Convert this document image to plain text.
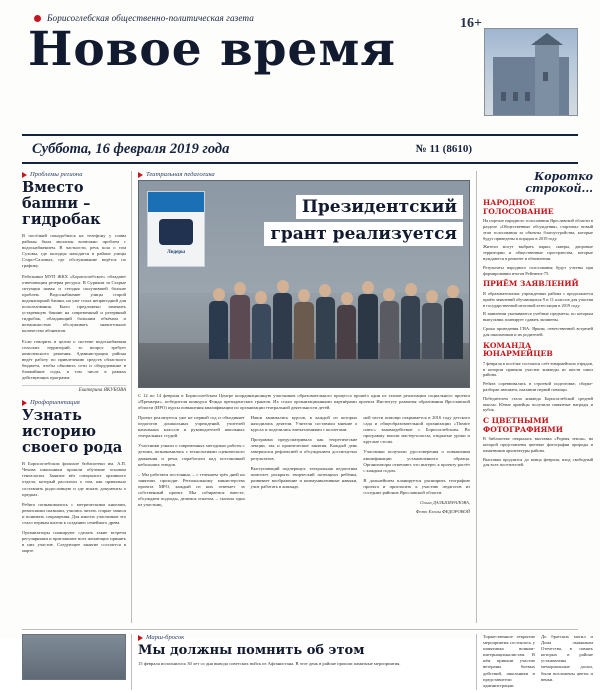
Борисоглебская общественно-политическая газета
Новое время	16+
Суббота, 16 февраля 2019 года	№ 11 (8610)
Проблемы региона
Вместо башни – гидробак

В посёлкий понадобился на телефону у главы районы была миллион возможно проблем с водоснабжением. В частности, речь шла о том Суховы, где колодцы находятся в районе улицы Старо-Саловых, где обслуживание ведётся по графику.

Работники МУП ЖКХ «Борисоглебское» обладают отвечающим резерва ресурса. В Суриком за Старые ситуация новая и сегодня получившей больше проблем. Водоснабжение улицы старой водонапорной башни, на уже стала непригодной для использования. Было предложено заменить устаревшую башню на современный и резервный гидробак, обладающий большим объёмом и возможностью обслуживать значительное количество абонентов.

Если говорить в целом о системе водоснабжения сельских территорий, то вопрос требует комплексного решения. Администрация района ведёт работу по привлечению средств областного бюджета, чтобы обновить сети и оборудование в ближайшие годы, в том числе в рамках действующих программ.

Екатерина ЯКУБОВА
Профориентация
Узнать историю своего рода

В Борисоглебском филиале библиотеки им. А.П. Чехова школьники прошли обучение основам генеалогии. Занятие вёл специалист архивного отдела, который рассказал о том, как правильно составлять родословную и где искать документы о предках.

Ребята познакомились с метрическими книгами, ревизскими сказками, учились читать старые записи и понимать сокращения. Для многих участников это стало первым шагом к созданию семейного древа.

Организаторы планируют сделать такие встречи регулярными и приглашают всех желающих принять в них участие. Следующее занятие состоится в марте.

Театральная педагогика
Лидеры
Президентский
грант реализуется
С 12 по 14 февраля в Борисоглебском Центре координационную участников образовательного процесса прошёл один из этапов реализации социального проекта «Премьера», победителя конкурса Фонда президентских грантов. Их стали организационными партнёрами проекта Институту развития образования Ярославской области (ИРО) курсы повышения квалификации по организации театральной деятельности детей.

Проект реализуется уже не первый год и объединяет педагогов дошкольных учреждений, учителей начальных классов и руководителей школьных театральных студий.

Участники узнали о современных методиках работы с детьми, познакомились с технологиями сценического движения и речи, поработали над постановкой небольших этюдов.

– Мы работаем постоянно, – с течением трёх дней на занятиях проходят Региональному министерства проекта МРО, каждый из них отвечает за собственный проект. Мы собираемся вместе, обсуждаем подходы, делимся опытом, – сказала одна из участниц.

Наши занимались курсов, в каждой из которых находились деятели. Учителя составили мнение о курсах и поделились впечатлениями с коллегами.

Программа предусматривала как теоретические лекции, так и практические занятия. Каждый день завершался рефлексией и обсуждением достигнутых результатов.

Выступающий подчеркнул: театральная педагогика помогает раскрыть творческий потенциал ребёнка, развивает воображение и коммуникативные навыки, учит работать в команде.

ной части помощи открывается в 2016 году детского сада и общеобразовательной организации «Theatre плюс» взаимодействие с Борисоглебским. Во программу вошли мастер-классы, открытые уроки и круглые столы.

Участники получили удостоверения о повышении квалификации установленного образца. Организаторы отмечают, что интерес к проекту растёт с каждым годом.

В дальнейшем планируется расширить географию проекта и пригласить к участию педагогов из соседних районов Ярославской области.

Ольга ДАЛЬШЕРАЛОВА,
Фото Елены ФЕДОРОВОЙ
Коротко
строкой...
НАРОДНОЕ ГОЛОСОВАНИЕ

На портале народного голосования Ярославской области в разделе «Общественные обсуждения» стартовал новый этап голосования за объекты благоустройства, которые будут приведены в порядок в 2019 году.

Жители могут выбрать парки, скверы, дворовые территории и общественные пространства, которые нуждаются в ремонте и обновлении.

Результаты народного голосования будут учтены при формировании итогов Рейтинга-75.

ПРИЁМ ЗАЯВЛЕНИЙ

В образовательных учреждениях района с продолжается приём заявлений обучающихся 9 и 11 классов для участия в государственной итоговой аттестации в 2019 году.

В заявлении указываются учебные предметы, по которым выпускник планирует сдавать экзамены.

Сроки проведения ГИА: Ярким, ответственной встречей для школьников и их родителей.

КОМАНДА ЮНАРМЕЙЦЕВ

7 февраля в посёлке состоялся слёт юнармейских отрядов, в котором приняли участие команды из шести школ района.

Ребята соревновались в строевой подготовке, сборке-разборке автомата, оказании первой помощи.

Победителем стала команда Борисоглебской средней школы. Юные армейцы получили памятные награды и кубок.

С ЦВЕТНЫМИ ФОТОГРАФИЯМИ

В библиотеке открылась выставка «Родная земля», на которой представлены цветные фотографии природы и памятников архитектуры района.

Выставка продлится до конца февраля, вход свободный для всех посетителей.

Марш-бросок
Мы должны помнить об этом
15 февраля исполнилось 30 лет со дня вывода советских войск из Афганистана. В этот день в районе прошли памятные мероприятия.

Торжественное открытие мероприятия состоялось у памятника воинам-интернационалистам. В нём приняли участие ветераны боевых действий, школьники и представители администрации.

До братских могил и Дома лыжникам Отечества, в память которых в районе установлены мемориальные доски, были возложены цветы и венки.
